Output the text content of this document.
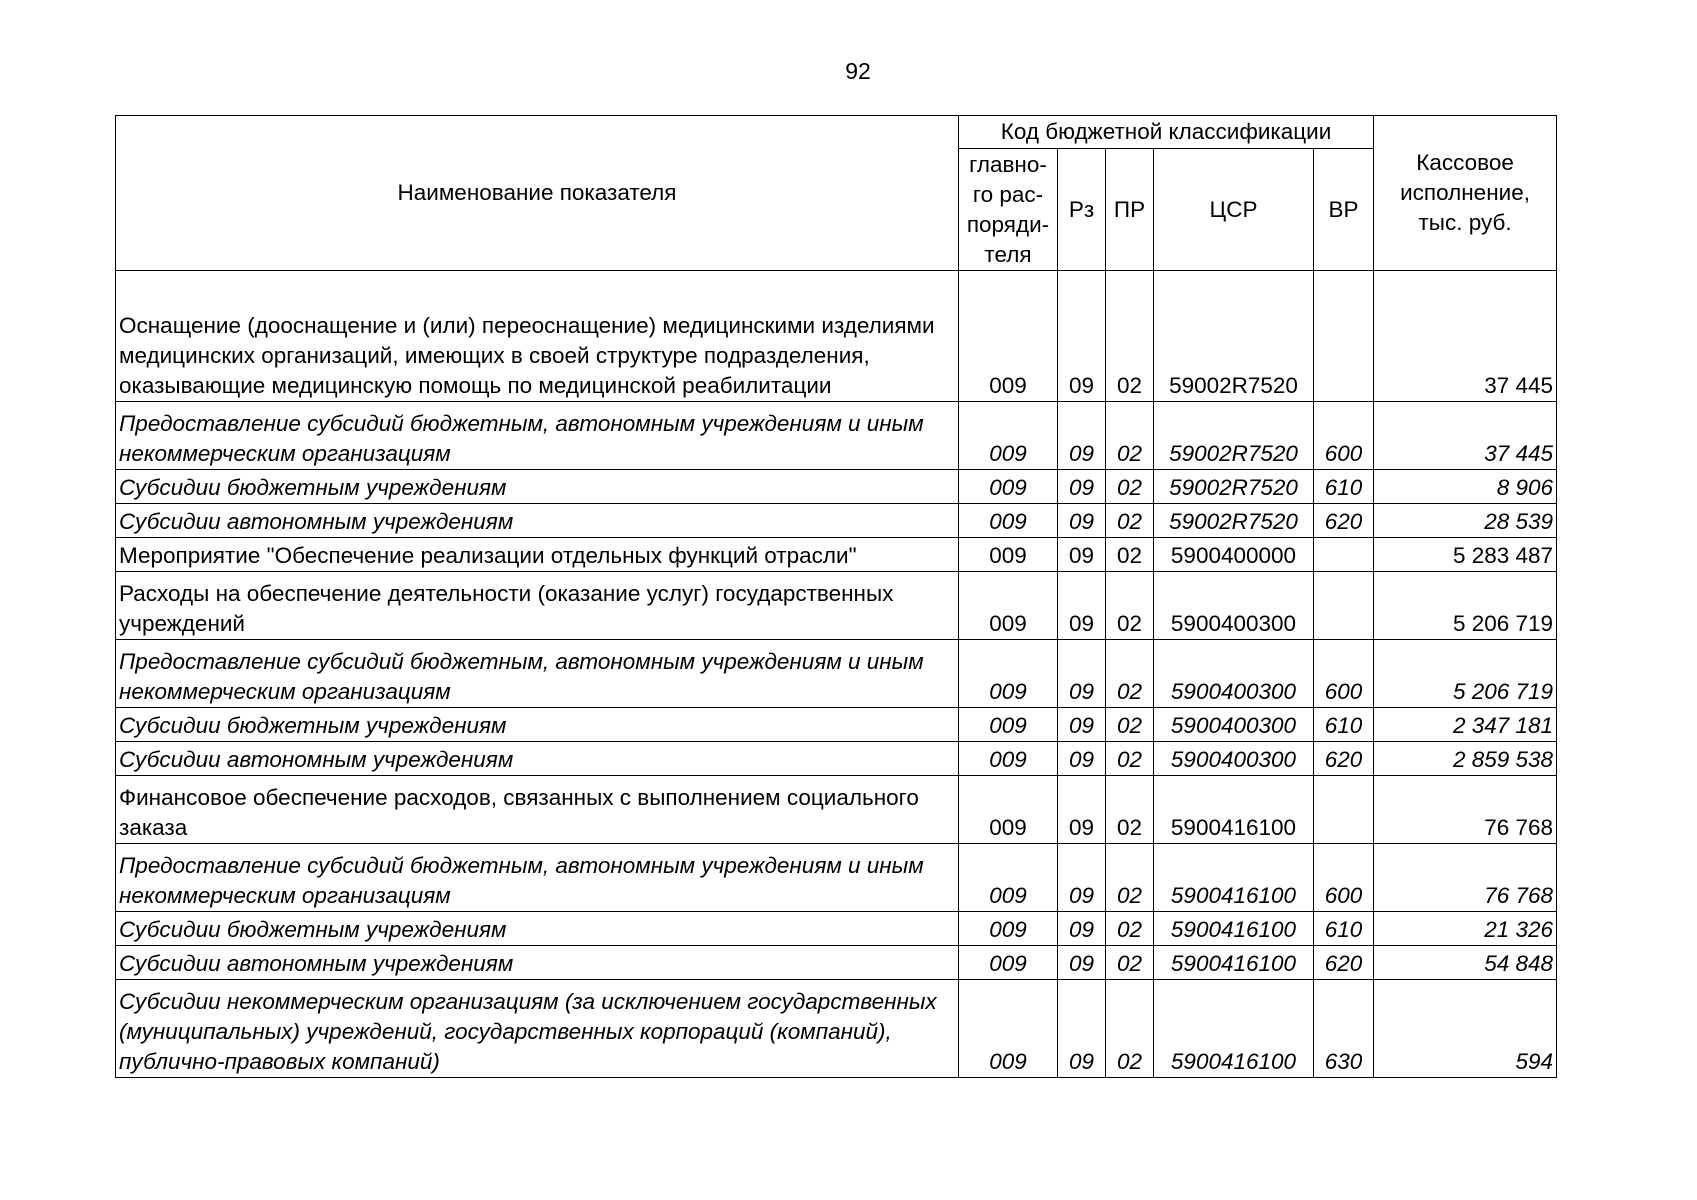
92
Наименование показателя	Код бюджетной классификации					Кассовое исполнение, тыс. руб.
	главно-го рас-поряди-теля	Рз	ПР	ЦСР	ВР	
Оснащение (дооснащение и (или) переоснащение) медицинскими изделиями медицинских организаций, имеющих в своей структуре подразделения, оказывающие медицинскую помощь по медицинской реабилитации	009	09	02	59002R7520		37 445
Предоставление субсидий бюджетным, автономным учреждениям и иным некоммерческим организациям	009	09	02	59002R7520	600	37 445
Субсидии бюджетным учреждениям	009	09	02	59002R7520	610	8 906
Субсидии автономным учреждениям	009	09	02	59002R7520	620	28 539
Мероприятие "Обеспечение реализации отдельных функций отрасли"	009	09	02	5900400000		5 283 487
Расходы на обеспечение деятельности (оказание услуг) государственных учреждений	009	09	02	5900400300		5 206 719
Предоставление субсидий бюджетным, автономным учреждениям и иным некоммерческим организациям	009	09	02	5900400300	600	5 206 719
Субсидии бюджетным учреждениям	009	09	02	5900400300	610	2 347 181
Субсидии автономным учреждениям	009	09	02	5900400300	620	2 859 538
Финансовое обеспечение расходов, связанных с выполнением социального заказа	009	09	02	5900416100		76 768
Предоставление субсидий бюджетным, автономным учреждениям и иным некоммерческим организациям	009	09	02	5900416100	600	76 768
Субсидии бюджетным учреждениям	009	09	02	5900416100	610	21 326
Субсидии автономным учреждениям	009	09	02	5900416100	620	54 848
Субсидии некоммерческим организациям (за исключением государственных (муниципальных) учреждений, государственных корпораций (компаний), публично-правовых компаний)	009	09	02	5900416100	630	594
